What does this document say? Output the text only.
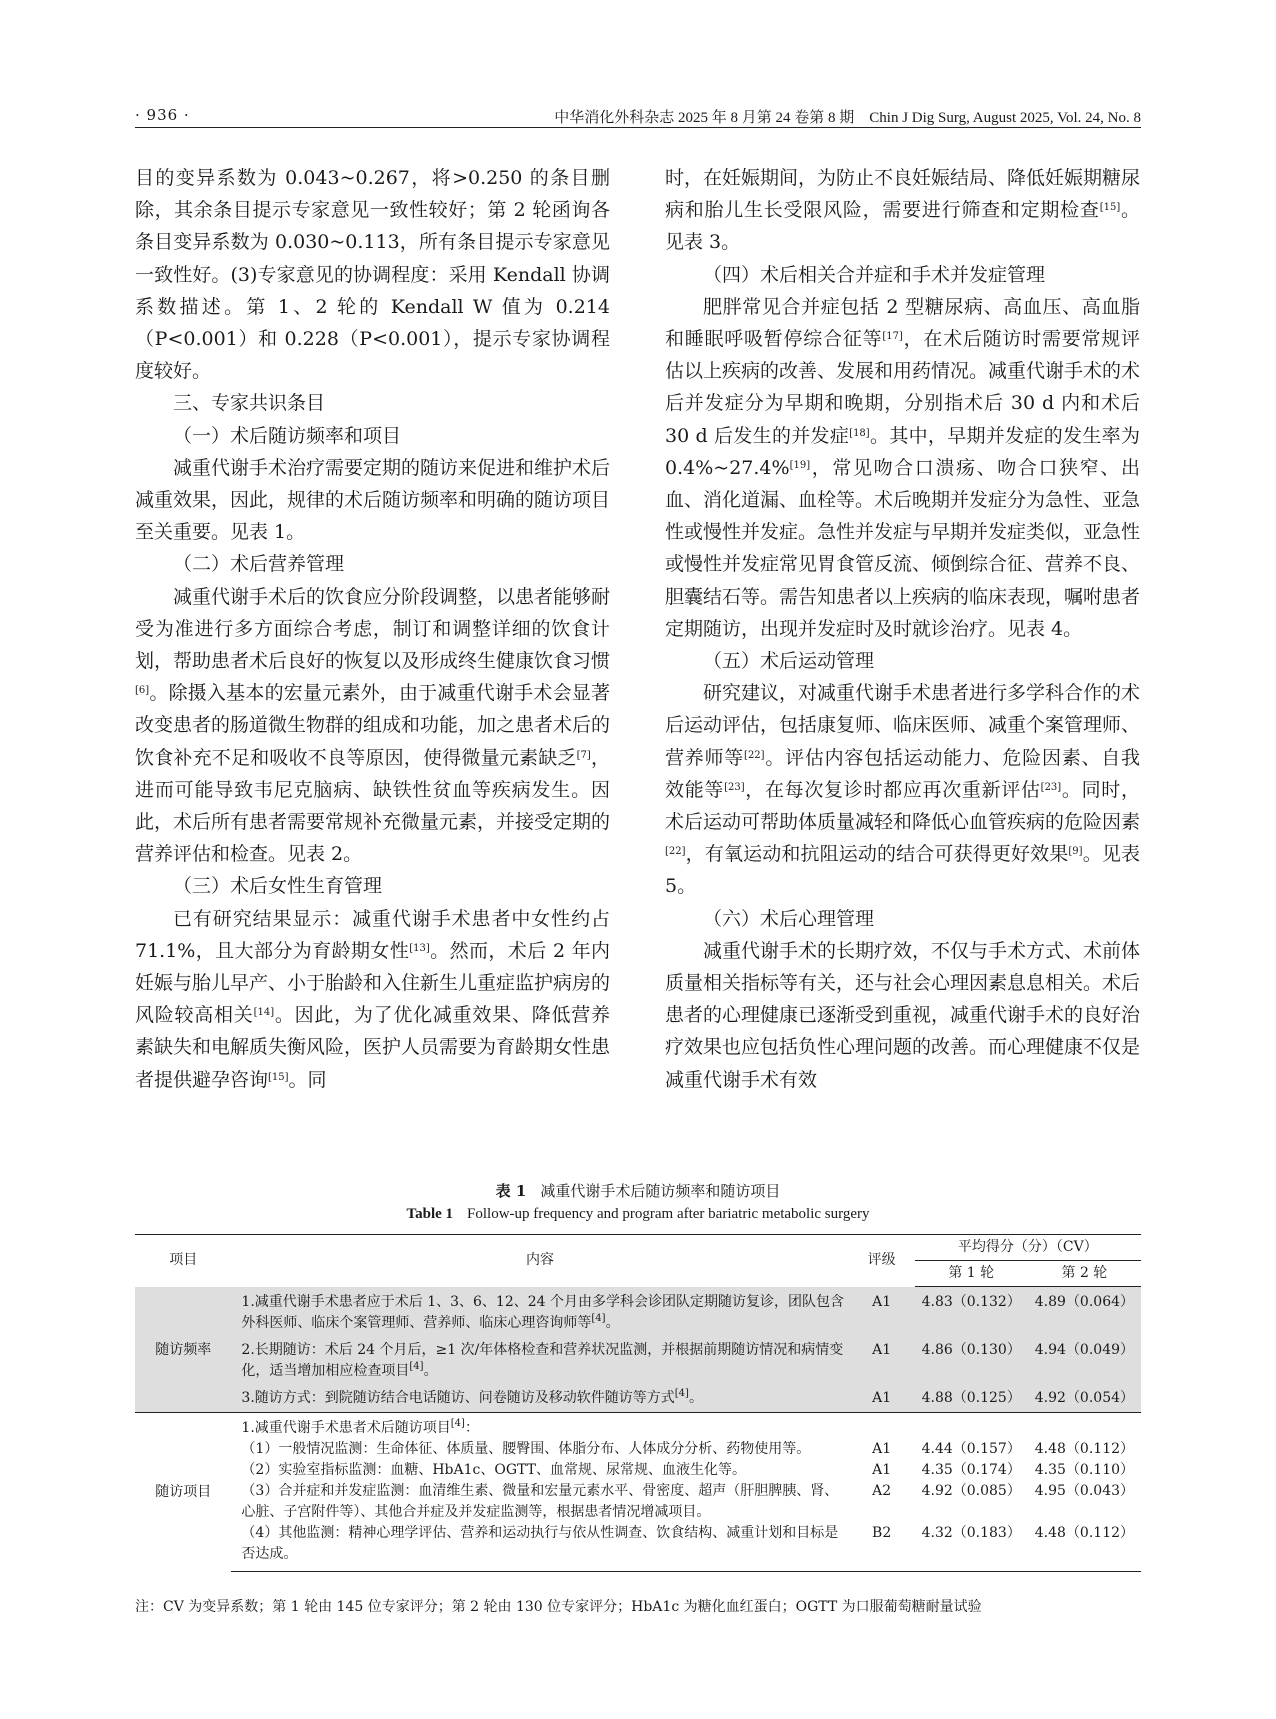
· 936 ·	中华消化外科杂志 2025 年 8 月第 24 卷第 8 期　Chin J Dig Surg, August 2025, Vol. 24, No. 8

目的变异系数为 0.043~0.267，将>0.250 的条目删除，其余条目提示专家意见一致性较好；第 2 轮函询各条目变异系数为 0.030~0.113，所有条目提示专家意见一致性好。(3)专家意见的协调程度：采用 Kendall 协调系数描述。第 1、2 轮的 Kendall W 值为 0.214（P<0.001）和 0.228（P<0.001），提示专家协调程度较好。

三、专家共识条目

（一）术后随访频率和项目

减重代谢手术治疗需要定期的随访来促进和维护术后减重效果，因此，规律的术后随访频率和明确的随访项目至关重要。见表 1。

（二）术后营养管理

减重代谢手术后的饮食应分阶段调整，以患者能够耐受为准进行多方面综合考虑，制订和调整详细的饮食计划，帮助患者术后良好的恢复以及形成终生健康饮食习惯[6]。除摄入基本的宏量元素外，由于减重代谢手术会显著改变患者的肠道微生物群的组成和功能，加之患者术后的饮食补充不足和吸收不良等原因，使得微量元素缺乏[7]，进而可能导致韦尼克脑病、缺铁性贫血等疾病发生。因此，术后所有患者需要常规补充微量元素，并接受定期的营养评估和检查。见表 2。

（三）术后女性生育管理

已有研究结果显示：减重代谢手术患者中女性约占 71.1%，且大部分为育龄期女性[13]。然而，术后 2 年内妊娠与胎儿早产、小于胎龄和入住新生儿重症监护病房的风险较高相关[14]。因此，为了优化减重效果、降低营养素缺失和电解质失衡风险，医护人员需要为育龄期女性患者提供避孕咨询[15]。同

时，在妊娠期间，为防止不良妊娠结局、降低妊娠期糖尿病和胎儿生长受限风险，需要进行筛查和定期检查[15]。见表 3。

（四）术后相关合并症和手术并发症管理

肥胖常见合并症包括 2 型糖尿病、高血压、高血脂和睡眠呼吸暂停综合征等[17]，在术后随访时需要常规评估以上疾病的改善、发展和用药情况。减重代谢手术的术后并发症分为早期和晚期，分别指术后 30 d 内和术后 30 d 后发生的并发症[18]。其中，早期并发症的发生率为 0.4%~27.4%[19]，常见吻合口溃疡、吻合口狭窄、出血、消化道漏、血栓等。术后晚期并发症分为急性、亚急性或慢性并发症。急性并发症与早期并发症类似，亚急性或慢性并发症常见胃食管反流、倾倒综合征、营养不良、胆囊结石等。需告知患者以上疾病的临床表现，嘱咐患者定期随访，出现并发症时及时就诊治疗。见表 4。

（五）术后运动管理

研究建议，对减重代谢手术患者进行多学科合作的术后运动评估，包括康复师、临床医师、减重个案管理师、营养师等[22]。评估内容包括运动能力、危险因素、自我效能等[23]，在每次复诊时都应再次重新评估[23]。同时，术后运动可帮助体质量减轻和降低心血管疾病的危险因素[22]，有氧运动和抗阻运动的结合可获得更好效果[9]。见表 5。

（六）术后心理管理

减重代谢手术的长期疗效，不仅与手术方式、术前体质量相关指标等有关，还与社会心理因素息息相关。术后患者的心理健康已逐渐受到重视，减重代谢手术的良好治疗效果也应包括负性心理问题的改善。而心理健康不仅是减重代谢手术有效

表 1 减重代谢手术后随访频率和随访项目
Table 1 Follow-up frequency and program after bariatric metabolic surgery
项目	内容	评级	平均得分（分）（CV）	
			第 1 轮	第 2 轮
随访频率	1.减重代谢手术患者应于术后 1、3、6、12、24 个月由多学科会诊团队定期随访复诊，团队包含外科医师、临床个案管理师、营养师、临床心理咨询师等[4]。	A1	4.83（0.132）	4.89（0.064）
	2.长期随访：术后 24 个月后，≥1 次/年体格检查和营养状况监测，并根据前期随访情况和病情变化，适当增加相应检查项目[4]。	A1	4.86（0.130）	4.94（0.049）
	3.随访方式：到院随访结合电话随访、问卷随访及移动软件随访等方式[4]。	A1	4.88（0.125）	4.92（0.054）
随访项目	1.减重代谢手术患者术后随访项目[4]：			
	（1）一般情况监测：生命体征、体质量、腰臀围、体脂分布、人体成分分析、药物使用等。	A1	4.44（0.157）	4.48（0.112）
	（2）实验室指标监测：血糖、HbA1c、OGTT、血常规、尿常规、血液生化等。	A1	4.35（0.174）	4.35（0.110）
	（3）合并症和并发症监测：血清维生素、微量和宏量元素水平、骨密度、超声（肝胆脾胰、肾、心脏、子宫附件等）、其他合并症及并发症监测等，根据患者情况增减项目。	A2	4.92（0.085）	4.95（0.043）
	（4）其他监测：精神心理学评估、营养和运动执行与依从性调查、饮食结构、减重计划和目标是否达成。	B2	4.32（0.183）	4.48（0.112）
注：CV 为变异系数；第 1 轮由 145 位专家评分；第 2 轮由 130 位专家评分；HbA1c 为糖化血红蛋白；OGTT 为口服葡萄糖耐量试验
